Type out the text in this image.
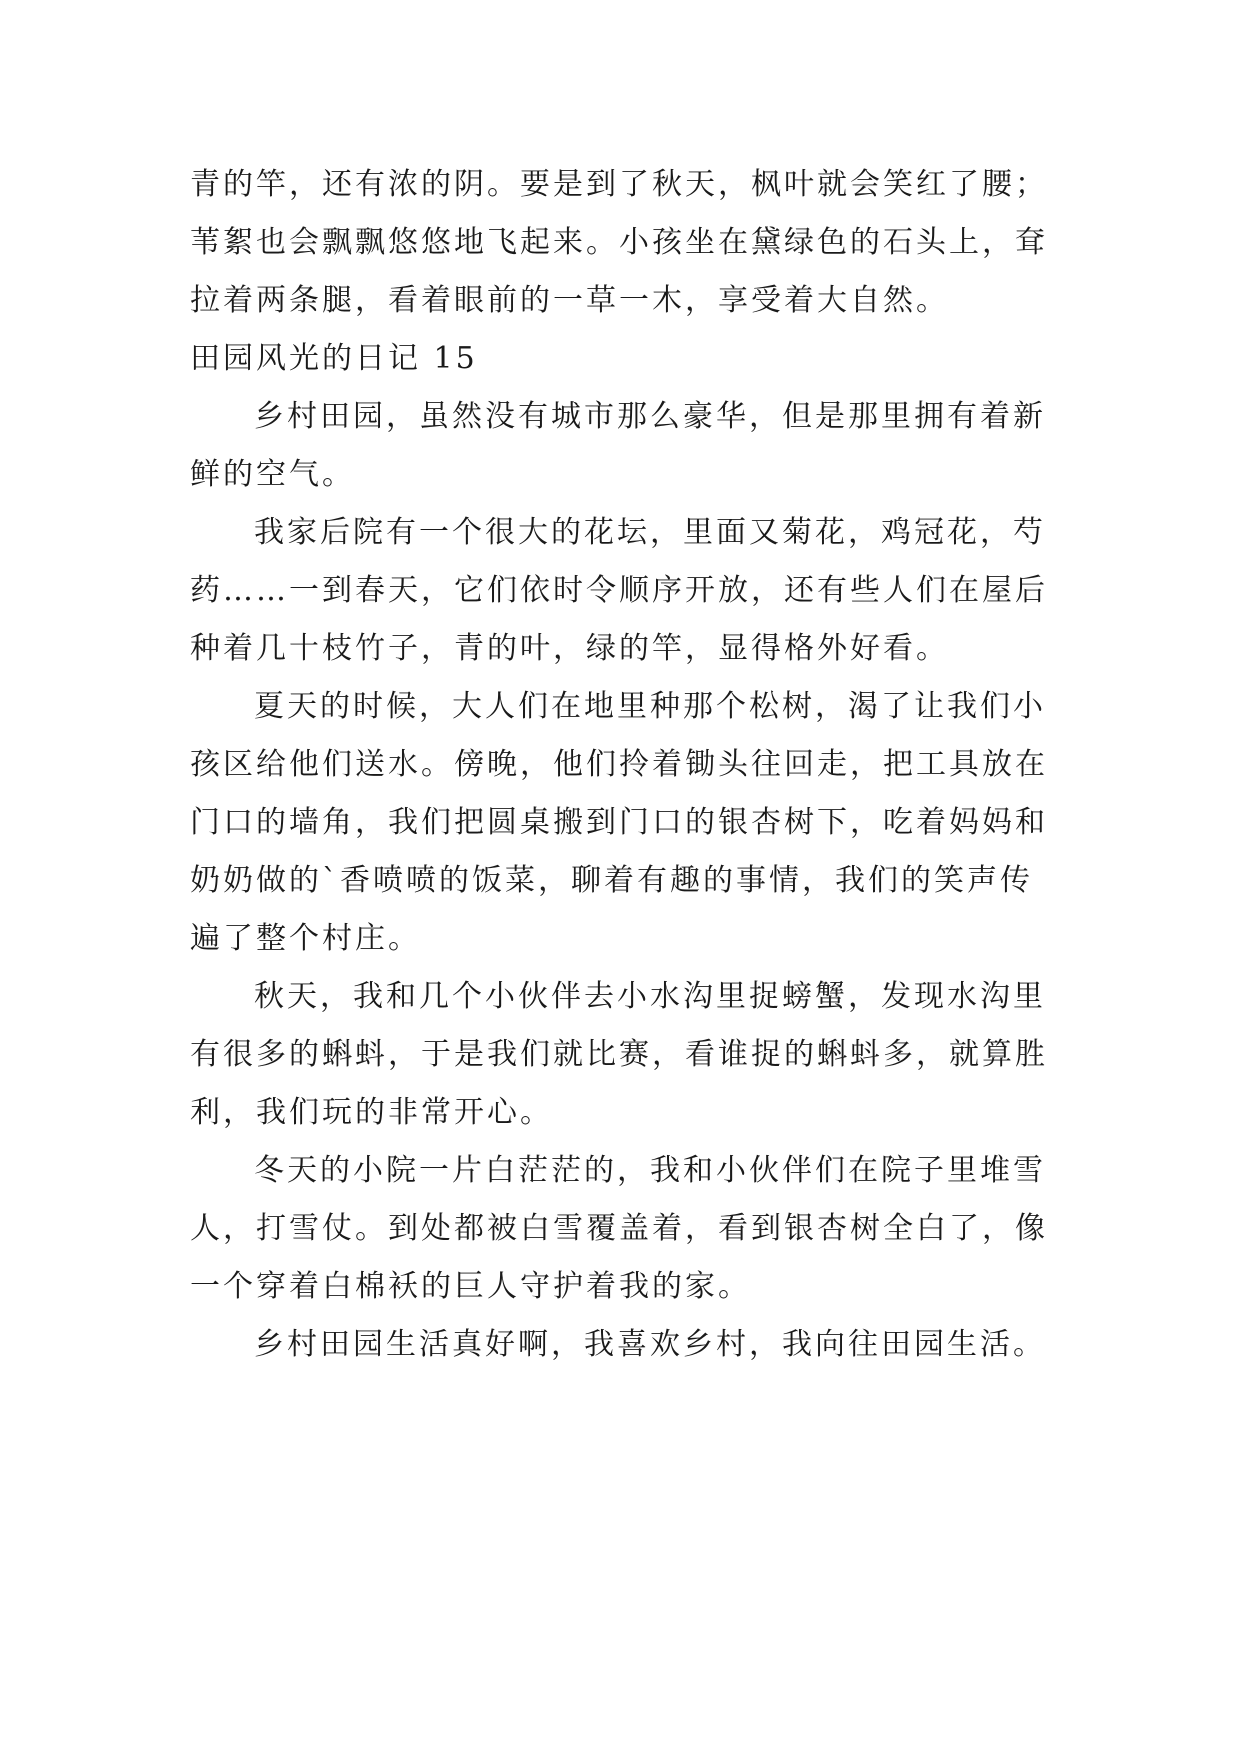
青的竿，还有浓的阴。要是到了秋天，枫叶就会笑红了腰；
苇絮也会飘飘悠悠地飞起来。小孩坐在黛绿色的石头上，耷
拉着两条腿，看着眼前的一草一木，享受着大自然。
田园风光的日记 15
乡村田园，虽然没有城市那么豪华，但是那里拥有着新
鲜的空气。
我家后院有一个很大的花坛，里面又菊花，鸡冠花，芍
药……一到春天，它们依时令顺序开放，还有些人们在屋后
种着几十枝竹子，青的叶，绿的竿，显得格外好看。
夏天的时候，大人们在地里种那个松树，渴了让我们小
孩区给他们送水。傍晚，他们拎着锄头往回走，把工具放在
门口的墙角，我们把圆桌搬到门口的银杏树下，吃着妈妈和
奶奶做的`香喷喷的饭菜，聊着有趣的事情，我们的笑声传
遍了整个村庄。
秋天，我和几个小伙伴去小水沟里捉螃蟹，发现水沟里
有很多的蝌蚪，于是我们就比赛，看谁捉的蝌蚪多，就算胜
利，我们玩的非常开心。
冬天的小院一片白茫茫的，我和小伙伴们在院子里堆雪
人，打雪仗。到处都被白雪覆盖着，看到银杏树全白了，像
一个穿着白棉袄的巨人守护着我的家。
乡村田园生活真好啊，我喜欢乡村，我向往田园生活。
